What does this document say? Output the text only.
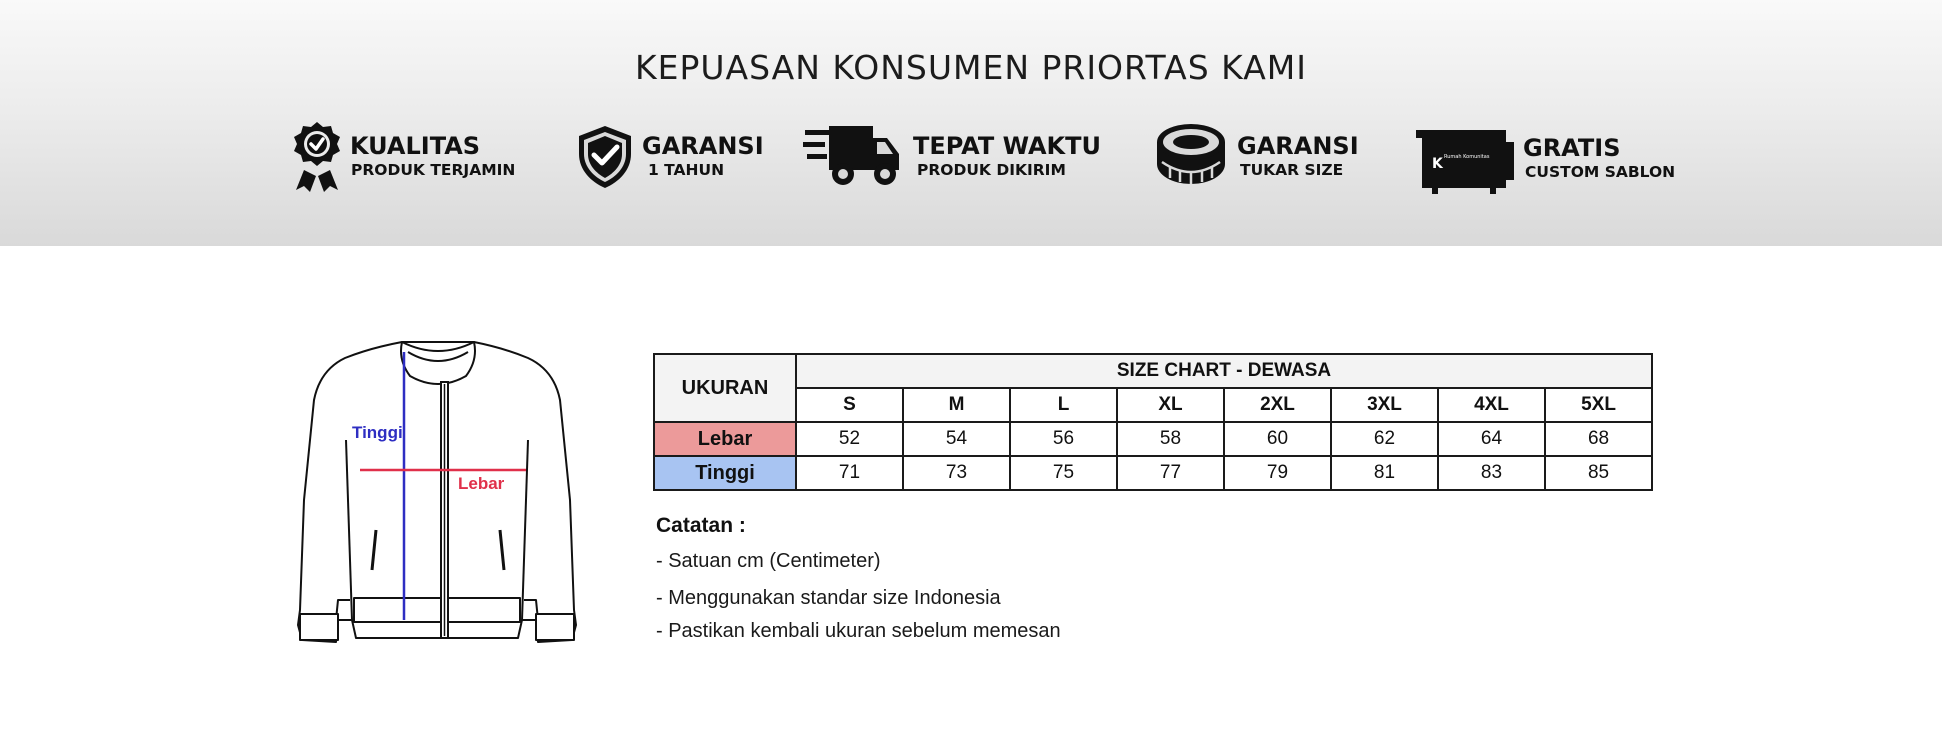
KEPUASAN KONSUMEN PRIORTAS KAMI
KUALITAS
PRODUK TERJAMIN
GARANSI
1 TAHUN
TEPAT WAKTU
PRODUK DIKIRIM
GARANSI
TUKAR SIZE	K Rumah Komunitas GRATIS
CUSTOM SABLON
Tinggi
Lebar
UKURAN	SIZE CHART - DEWASA							
	S	M	L	XL	2XL	3XL	4XL	5XL
Lebar	52	54	56	58	60	62	64	68
Tinggi	71	73	75	77	79	81	83	85
Catatan :
- Satuan cm (Centimeter)
- Menggunakan standar size Indonesia
- Pastikan kembali ukuran sebelum memesan
